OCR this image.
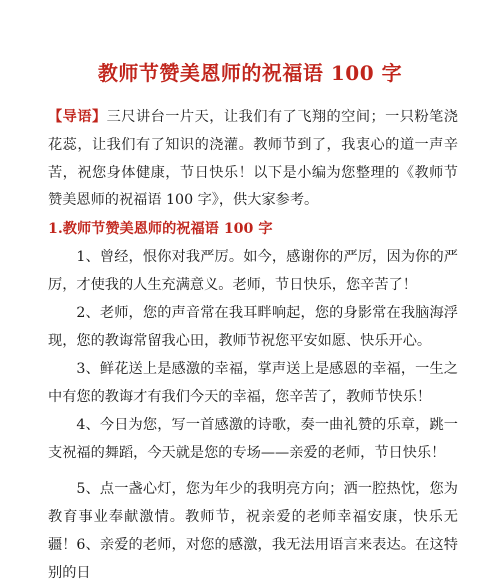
教师节赞美恩师的祝福语 100 字

【导语】三尺讲台一片天，让我们有了飞翔的空间；一只粉笔浇花蕊，让我们有了知识的浇灌。教师节到了，我衷心的道一声辛苦，祝您身体健康，节日快乐！以下是小编为您整理的《教师节赞美恩师的祝福语 100 字》，供大家参考。

1.教师节赞美恩师的祝福语 100 字

1、曾经，恨你对我严厉。如今，感谢你的严厉，因为你的严厉，才使我的人生充满意义。老师，节日快乐，您辛苦了！

2、老师，您的声音常在我耳畔响起，您的身影常在我脑海浮现，您的教诲常留我心田，教师节祝您平安如愿、快乐开心。

3、鲜花送上是感激的幸福，掌声送上是感恩的幸福，一生之中有您的教诲才有我们今天的幸福，您辛苦了，教师节快乐！

4、今日为您，写一首感激的诗歌，奏一曲礼赞的乐章，跳一支祝福的舞蹈，今天就是您的专场——亲爱的老师，节日快乐！

5、点一盏心灯，您为年少的我明亮方向；洒一腔热忱，您为教育事业奉献激情。教师节，祝亲爱的老师幸福安康，快乐无疆！ 6、亲爱的老师，对您的感激，我无法用语言来表达。在这特别的日
